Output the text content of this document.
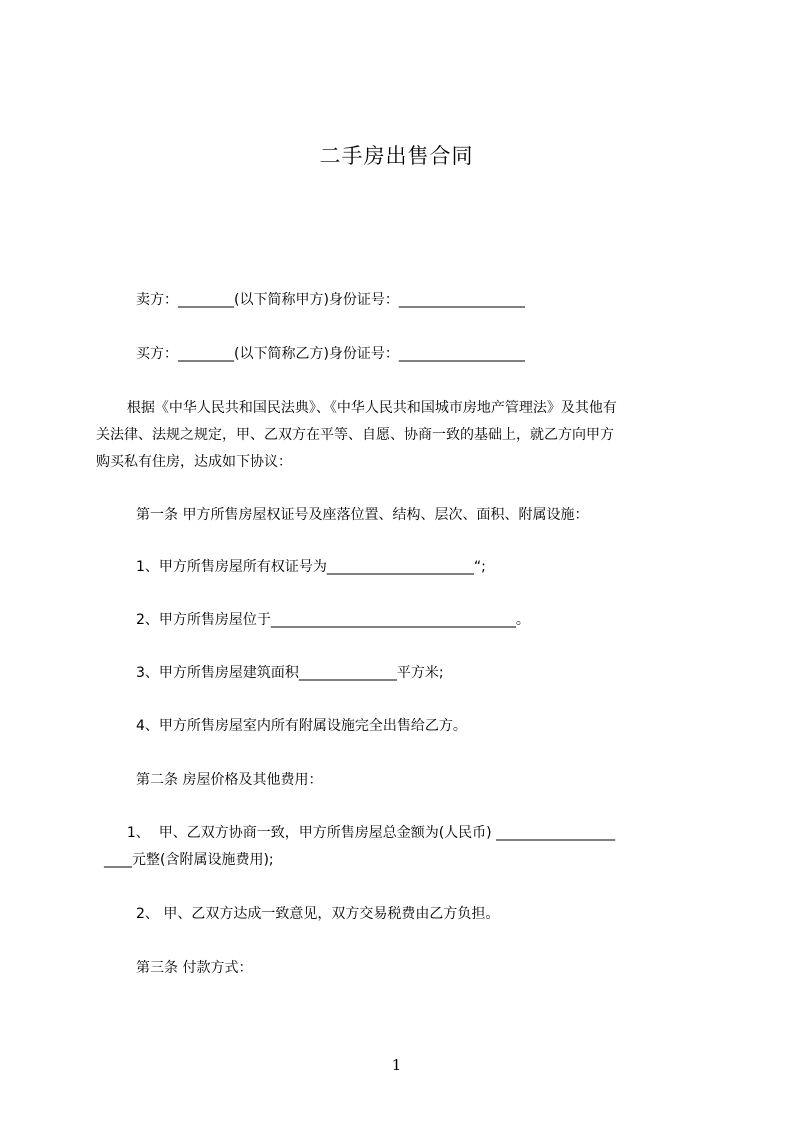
二手房出售合同
卖方：________(以下简称甲方)身份证号：__________________
买方：________(以下简称乙方)身份证号：__________________
根据《中华人民共和国民法典》、《中华人民共和国城市房地产管理法》及其他有
关法律、法规之规定，甲、乙双方在平等、自愿、协商一致的基础上，就乙方向甲方
购买私有住房，达成如下协议：
第一条 甲方所售房屋权证号及座落位置、结构、层次、面积、附属设施：
1、甲方所售房屋所有权证号为_____________________“;
2、甲方所售房屋位于___________________________________。
3、甲方所售房屋建筑面积______________平方米;
4、甲方所售房屋室内所有附属设施完全出售给乙方。
第二条 房屋价格及其他费用：
1、  甲、乙双方协商一致，甲方所售房屋总金额为(人民币) _________________
____元整(含附属设施费用);
2、 甲、乙双方达成一致意见，双方交易税费由乙方负担。
第三条 付款方式：
1
